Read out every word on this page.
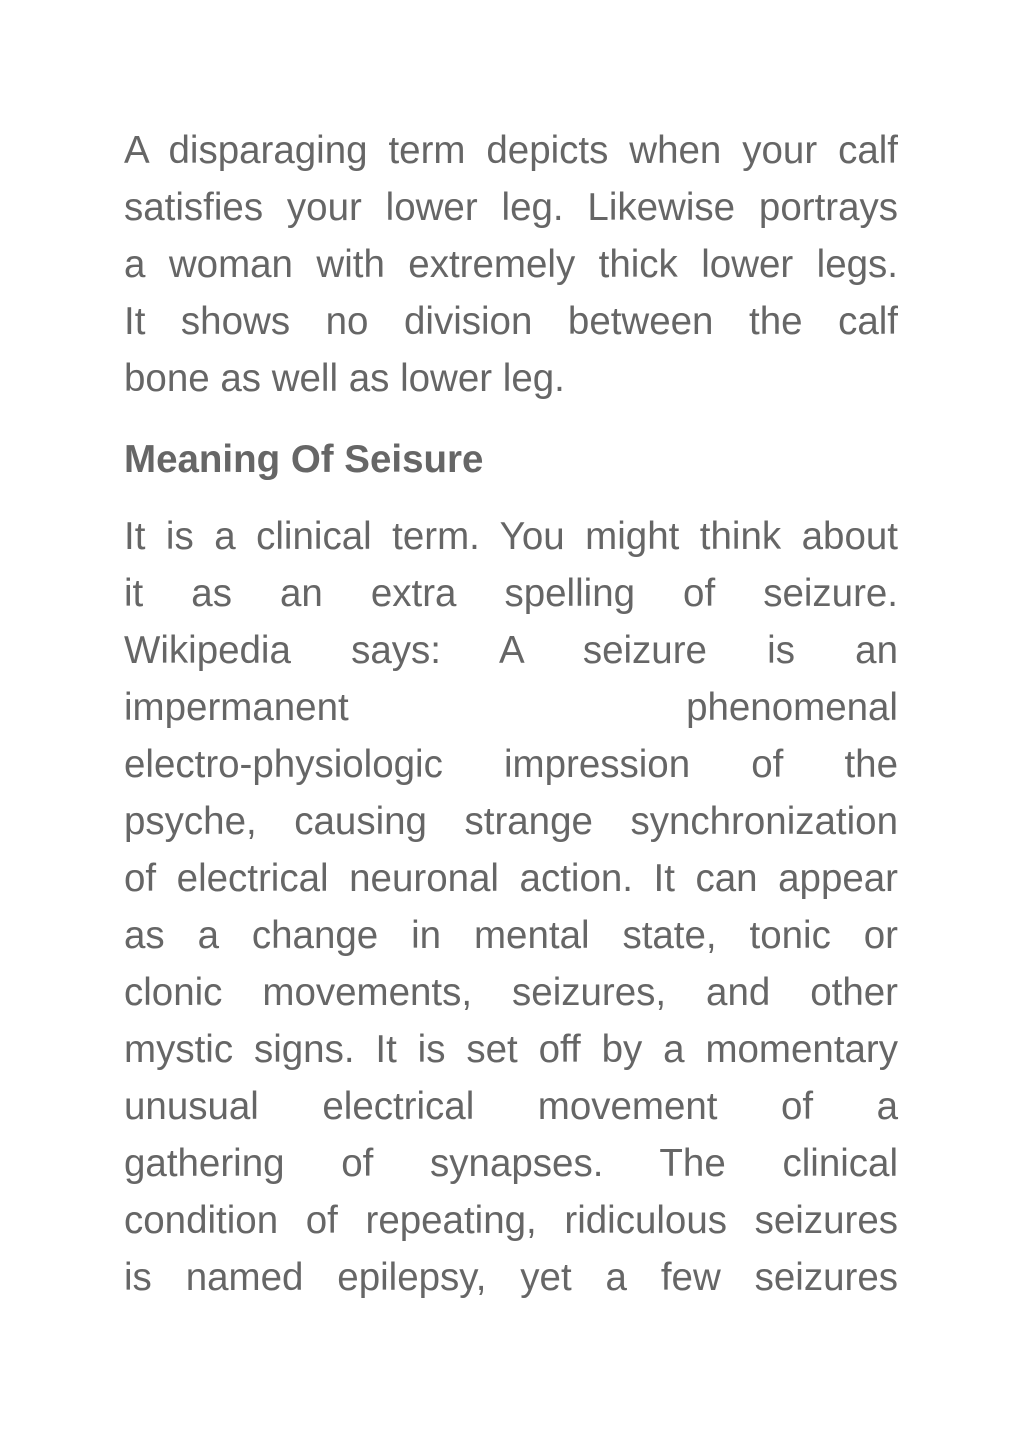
A disparaging term depicts when your calf
satisfies your lower leg. Likewise portrays
a woman with extremely thick lower legs.
It shows no division between the calf
bone as well as lower leg.

Meaning Of Seisure

It is a clinical term. You might think about
it as an extra spelling of seizure.
Wikipedia says: A seizure is an
impermanent phenomenal
electro-physiologic impression of the
psyche, causing strange synchronization
of electrical neuronal action. It can appear
as a change in mental state, tonic or
clonic movements, seizures, and other
mystic signs. It is set off by a momentary
unusual electrical movement of a
gathering of synapses. The clinical
condition of repeating, ridiculous seizures
is named epilepsy, yet a few seizures
